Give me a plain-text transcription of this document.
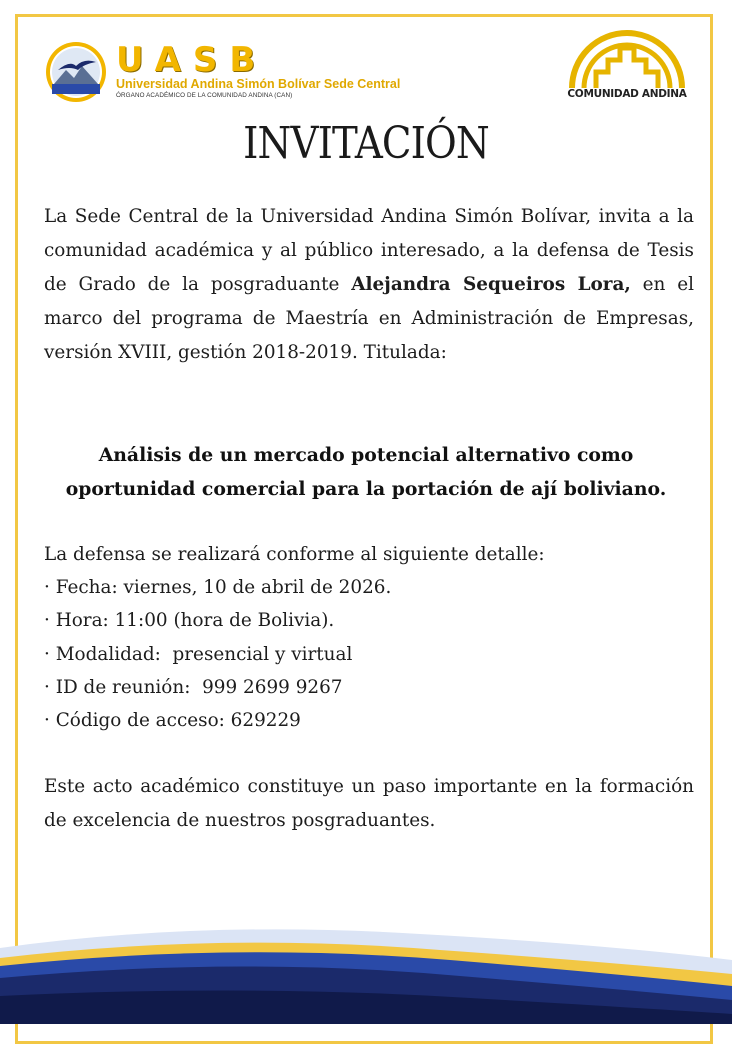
UASB
Universidad Andina Simón Bolívar Sede Central
ÓRGANO ACADÉMICO DE LA COMUNIDAD ANDINA (CAN)	COMUNIDAD ANDINA
INVITACIÓN

La Sede Central de la Universidad Andina Simón Bolívar, invita a la comunidad académica y al público interesado, a la defensa de Tesis de Grado de la posgraduante Alejandra Sequeiros Lora, en el marco del programa de Maestría en Administración de Empresas, versión XVIII, gestión 2018-2019. Titulada:

Análisis de un mercado potencial alternativo como oportunidad comercial para la portación de ají boliviano.
La defensa se realizará conforme al siguiente detalle:
· Fecha: viernes, 10 de abril de 2026.
· Hora: 11:00 (hora de Bolivia).
· Modalidad:  presencial y virtual
· ID de reunión:  999 2699 9267
· Código de acceso: 629229
Este acto académico constituye un paso importante en la formación de excelencia de nuestros posgraduantes.
